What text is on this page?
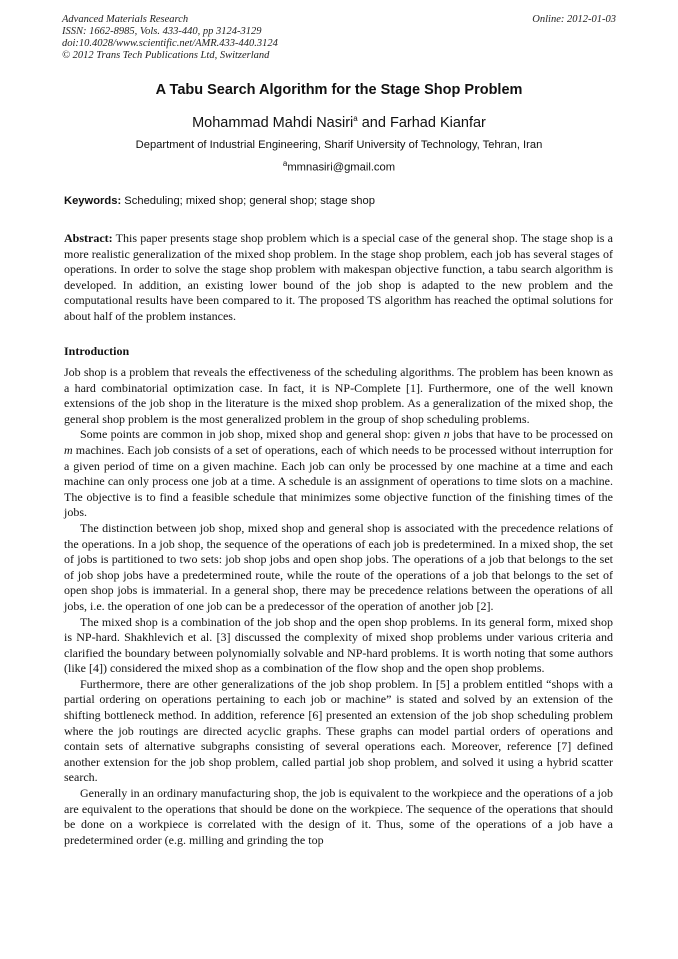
Advanced Materials Research
ISSN: 1662-8985, Vols. 433-440, pp 3124-3129
doi:10.4028/www.scientific.net/AMR.433-440.3124
© 2012 Trans Tech Publications Ltd, Switzerland
Online: 2012-01-03
A Tabu Search Algorithm for the Stage Shop Problem
Mohammad Mahdi Nasiri$^a$ and Farhad Kianfar
Department of Industrial Engineering, Sharif University of Technology, Tehran, Iran
$^a$mmnasiri@gmail.com
Keywords: Scheduling; mixed shop; general shop; stage shop
Abstract: This paper presents stage shop problem which is a special case of the general shop. The stage shop is a more realistic generalization of the mixed shop problem. In the stage shop problem, each job has several stages of operations. In order to solve the stage shop problem with makespan objective function, a tabu search algorithm is developed. In addition, an existing lower bound of the job shop is adapted to the new problem and the computational results have been compared to it. The proposed TS algorithm has reached the optimal solutions for about half of the problem instances.
Introduction

Job shop is a problem that reveals the effectiveness of the scheduling algorithms. The problem has been known as a hard combinatorial optimization case. In fact, it is NP-Complete [1]. Furthermore, one of the well known extensions of the job shop in the literature is the mixed shop problem. As a generalization of the mixed shop, the general shop problem is the most generalized problem in the group of shop scheduling problems.

Some points are common in job shop, mixed shop and general shop: given n jobs that have to be processed on m machines. Each job consists of a set of operations, each of which needs to be processed without interruption for a given period of time on a given machine. Each job can only be processed by one machine at a time and each machine can only process one job at a time. A schedule is an assignment of operations to time slots on a machine. The objective is to find a feasible schedule that minimizes some objective function of the finishing times of the jobs.

The distinction between job shop, mixed shop and general shop is associated with the precedence relations of the operations. In a job shop, the sequence of the operations of each job is predetermined. In a mixed shop, the set of jobs is partitioned to two sets: job shop jobs and open shop jobs. The operations of a job that belongs to the set of job shop jobs have a predetermined route, while the route of the operations of a job that belongs to the set of open shop jobs is immaterial. In a general shop, there may be precedence relations between the operations of all jobs, i.e. the operation of one job can be a predecessor of the operation of another job [2].

The mixed shop is a combination of the job shop and the open shop problems. In its general form, mixed shop is NP-hard. Shakhlevich et al. [3] discussed the complexity of mixed shop problems under various criteria and clarified the boundary between polynomially solvable and NP-hard problems. It is worth noting that some authors (like [4]) considered the mixed shop as a combination of the flow shop and the open shop problems.

Furthermore, there are other generalizations of the job shop problem. In [5] a problem entitled “shops with a partial ordering on operations pertaining to each job or machine” is stated and solved by an extension of the shifting bottleneck method. In addition, reference [6] presented an extension of the job shop scheduling problem where the job routings are directed acyclic graphs. These graphs can model partial orders of operations and contain sets of alternative subgraphs consisting of several operations each. Moreover, reference [7] defined another extension for the job shop problem, called partial job shop problem, and solved it using a hybrid scatter search.

Generally in an ordinary manufacturing shop, the job is equivalent to the workpiece and the operations of a job are equivalent to the operations that should be done on the workpiece. The sequence of the operations that should be done on a workpiece is correlated with the design of it. Thus, some of the operations of a job have a predetermined order (e.g. milling and grinding the top
